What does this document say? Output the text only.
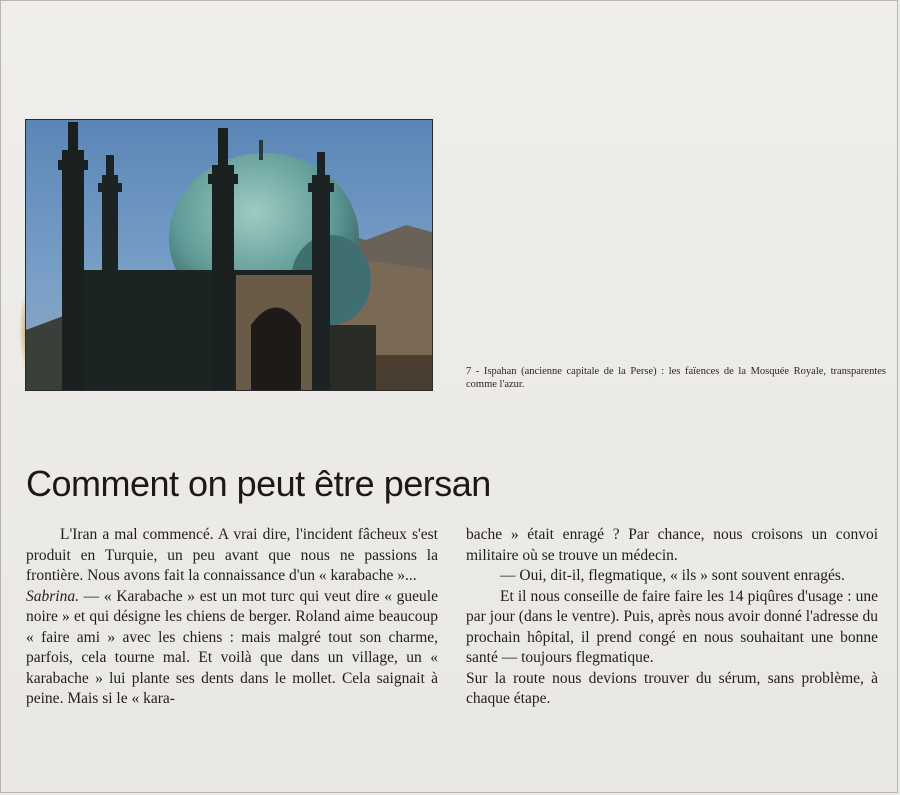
7 - Ispahan (ancienne capitale de la Perse) : les faïences de la Mosquée Royale, transparentes comme l'azur.
Comment on peut être persan

L'Iran a mal commencé. A vrai dire, l'incident fâcheux s'est produit en Turquie, un peu avant que nous ne passions la frontière. Nous avons fait la connaissance d'un « karabache »...

Sabrina. — « Karabache » est un mot turc qui veut dire « gueule noire » et qui désigne les chiens de berger. Roland aime beaucoup « faire ami » avec les chiens : mais malgré tout son charme, parfois, cela tourne mal. Et voilà que dans un village, un « karabache » lui plante ses dents dans le mollet. Cela saignait à peine. Mais si le « kara-

bache » était enragé ? Par chance, nous croisons un convoi militaire où se trouve un médecin.

— Oui, dit-il, flegmatique, « ils » sont souvent enragés.

Et il nous conseille de faire faire les 14 piqûres d'usage : une par jour (dans le ventre). Puis, après nous avoir donné l'adresse du prochain hôpital, il prend congé en nous souhaitant une bonne santé — toujours flegmatique.

Sur la route nous devions trouver du sérum, sans problème, à chaque étape.
